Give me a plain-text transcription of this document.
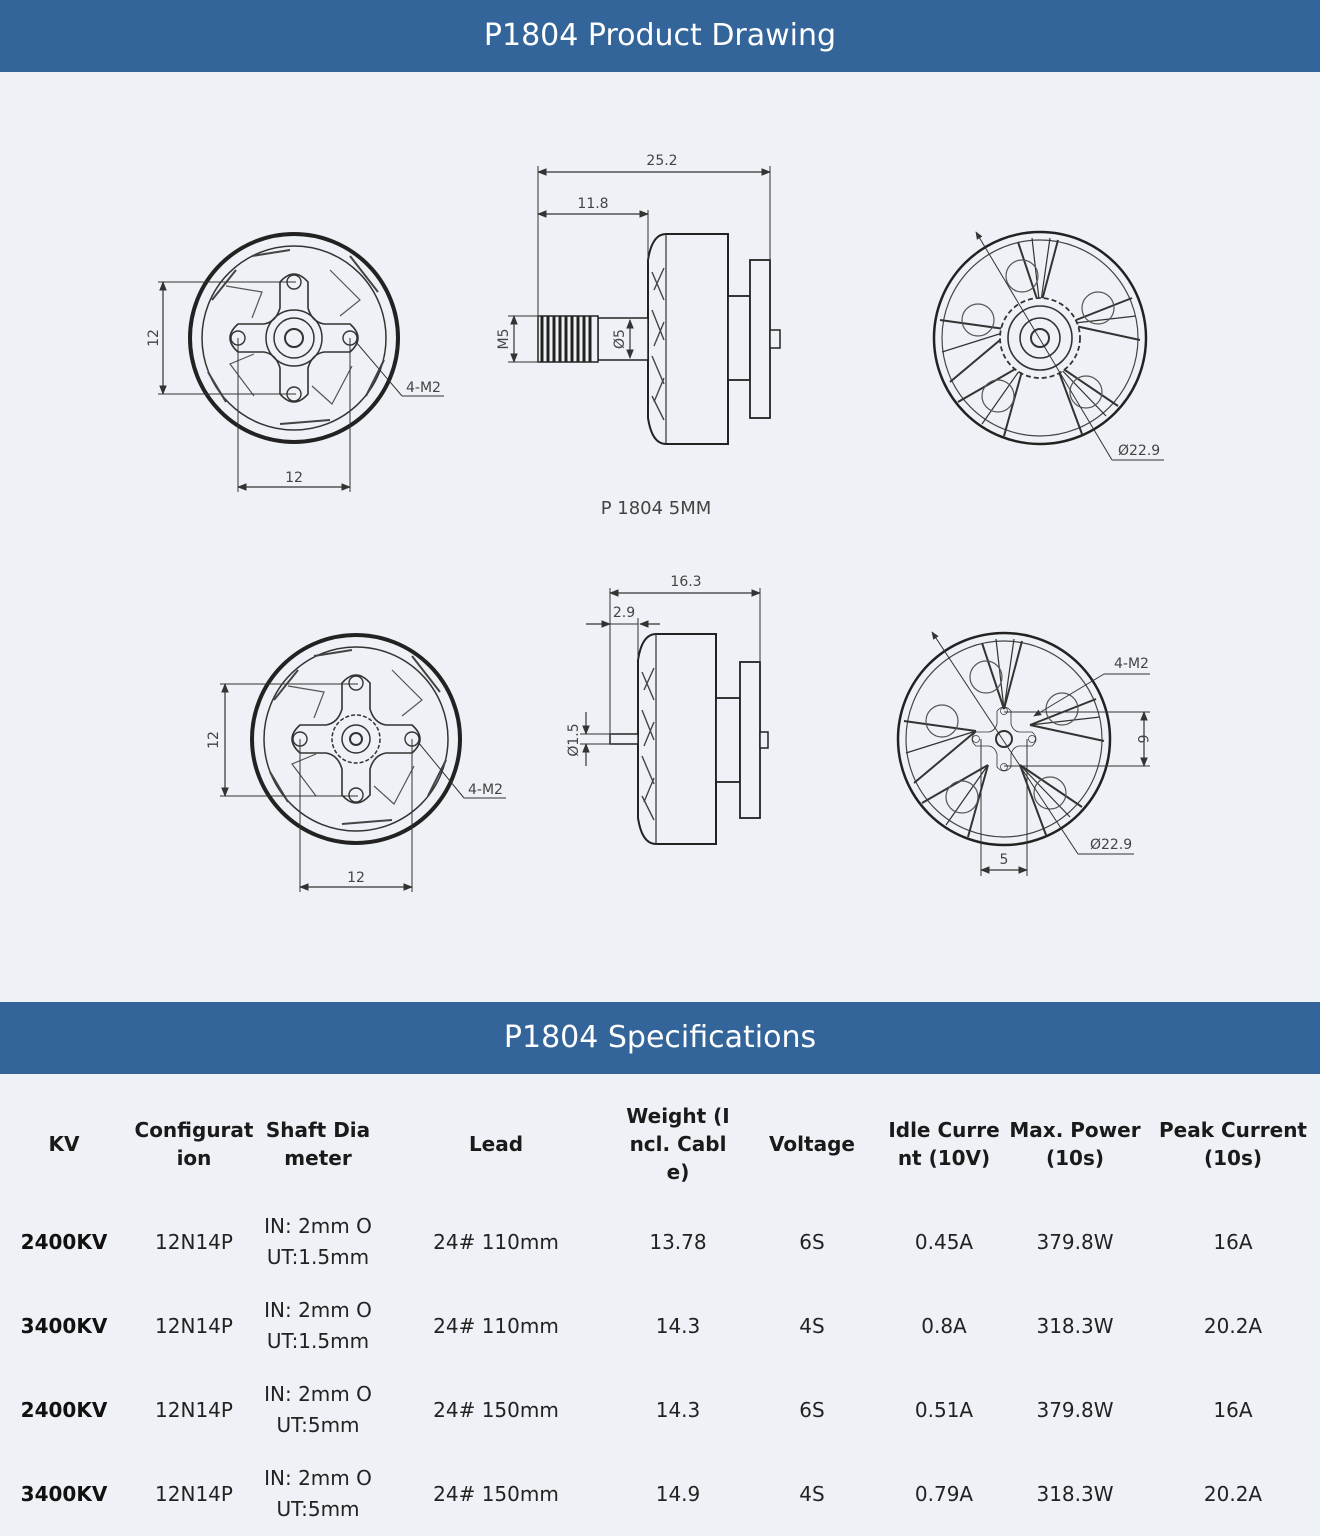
P1804 Product Drawing
12
12
4-M2
25.2
11.8
M5	Ø5
Ø22.9
P 1804 5MM
12
12
4-M2
16.3
2.9
Ø1.5
Ø22.9
4-M2
6
5
P1804 Specifications
KV	Configuration	Shaft Diameter	Lead	Weight (Incl. Cable)	Voltage	Idle Current (10V)	Max. Power (10s)	Peak Current(10s)
2400KV	12N14P	IN: 2mm OUT:1.5mm	24# 110mm	13.78	6S	0.45A	379.8W	16A
3400KV	12N14P	IN: 2mm OUT:1.5mm	24# 110mm	14.3	4S	0.8A	318.3W	20.2A
2400KV	12N14P	IN: 2mm OUT:5mm	24# 150mm	14.3	6S	0.51A	379.8W	16A
3400KV	12N14P	IN: 2mm OUT:5mm	24# 150mm	14.9	4S	0.79A	318.3W	20.2A
